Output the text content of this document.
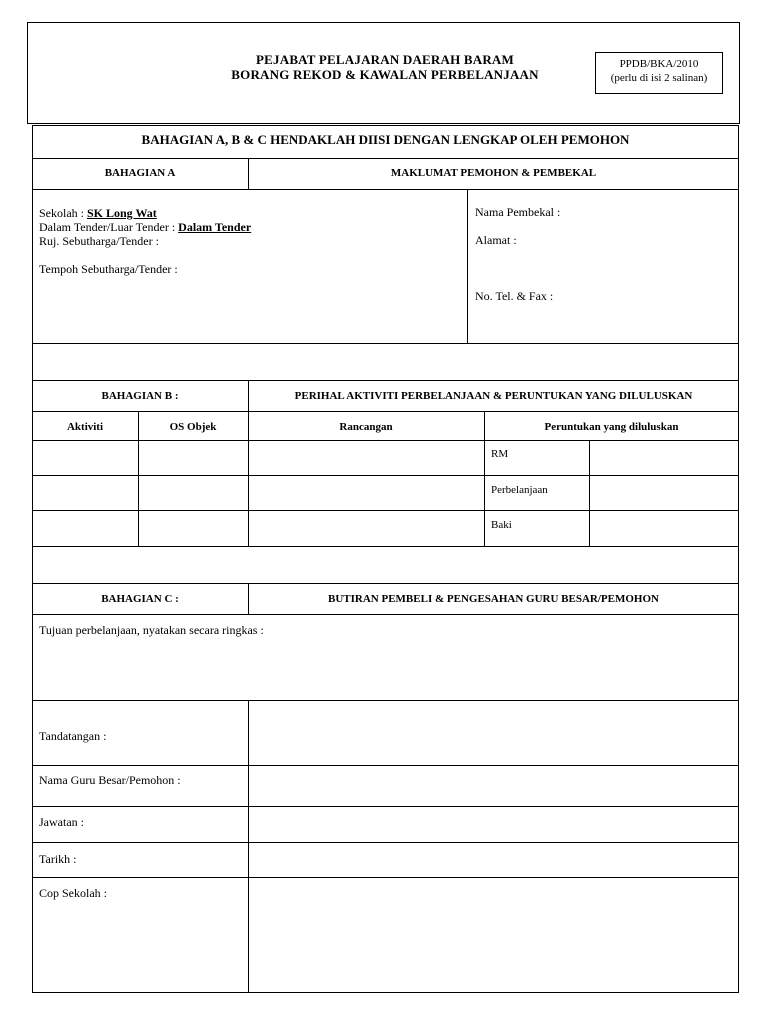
PEJABAT PELAJARAN DAERAH BARAM
BORANG REKOD & KAWALAN PERBELANJAAN
PPDB/BKA/2010
(perlu di isi 2 salinan)
BAHAGIAN A, B & C HENDAKLAH DIISI DENGAN LENGKAP OLEH PEMOHON
BAHAGIAN A	MAKLUMAT PEMOHON & PEMBEKAL
Sekolah : SK Long Wat
Dalam Tender/Luar Tender : Dalam Tender
Ruj. Sebutharga/Tender :
Tempoh Sebutharga/Tender :
Nama Pembekal :
Alamat :
No. Tel. & Fax :
BAHAGIAN B :	PERIHAL AKTIVITI PERBELANJAAN & PERUNTUKAN YANG DILULUSKAN
Aktiviti	OS Objek	Rancangan	Peruntukan yang diluluskan
RM
Perbelanjaan
Baki
BAHAGIAN C :	BUTIRAN PEMBELI & PENGESAHAN GURU BESAR/PEMOHON
Tujuan perbelanjaan, nyatakan secara ringkas :
Tandatangan :
Nama Guru Besar/Pemohon :
Jawatan :
Tarikh :
Cop Sekolah :
